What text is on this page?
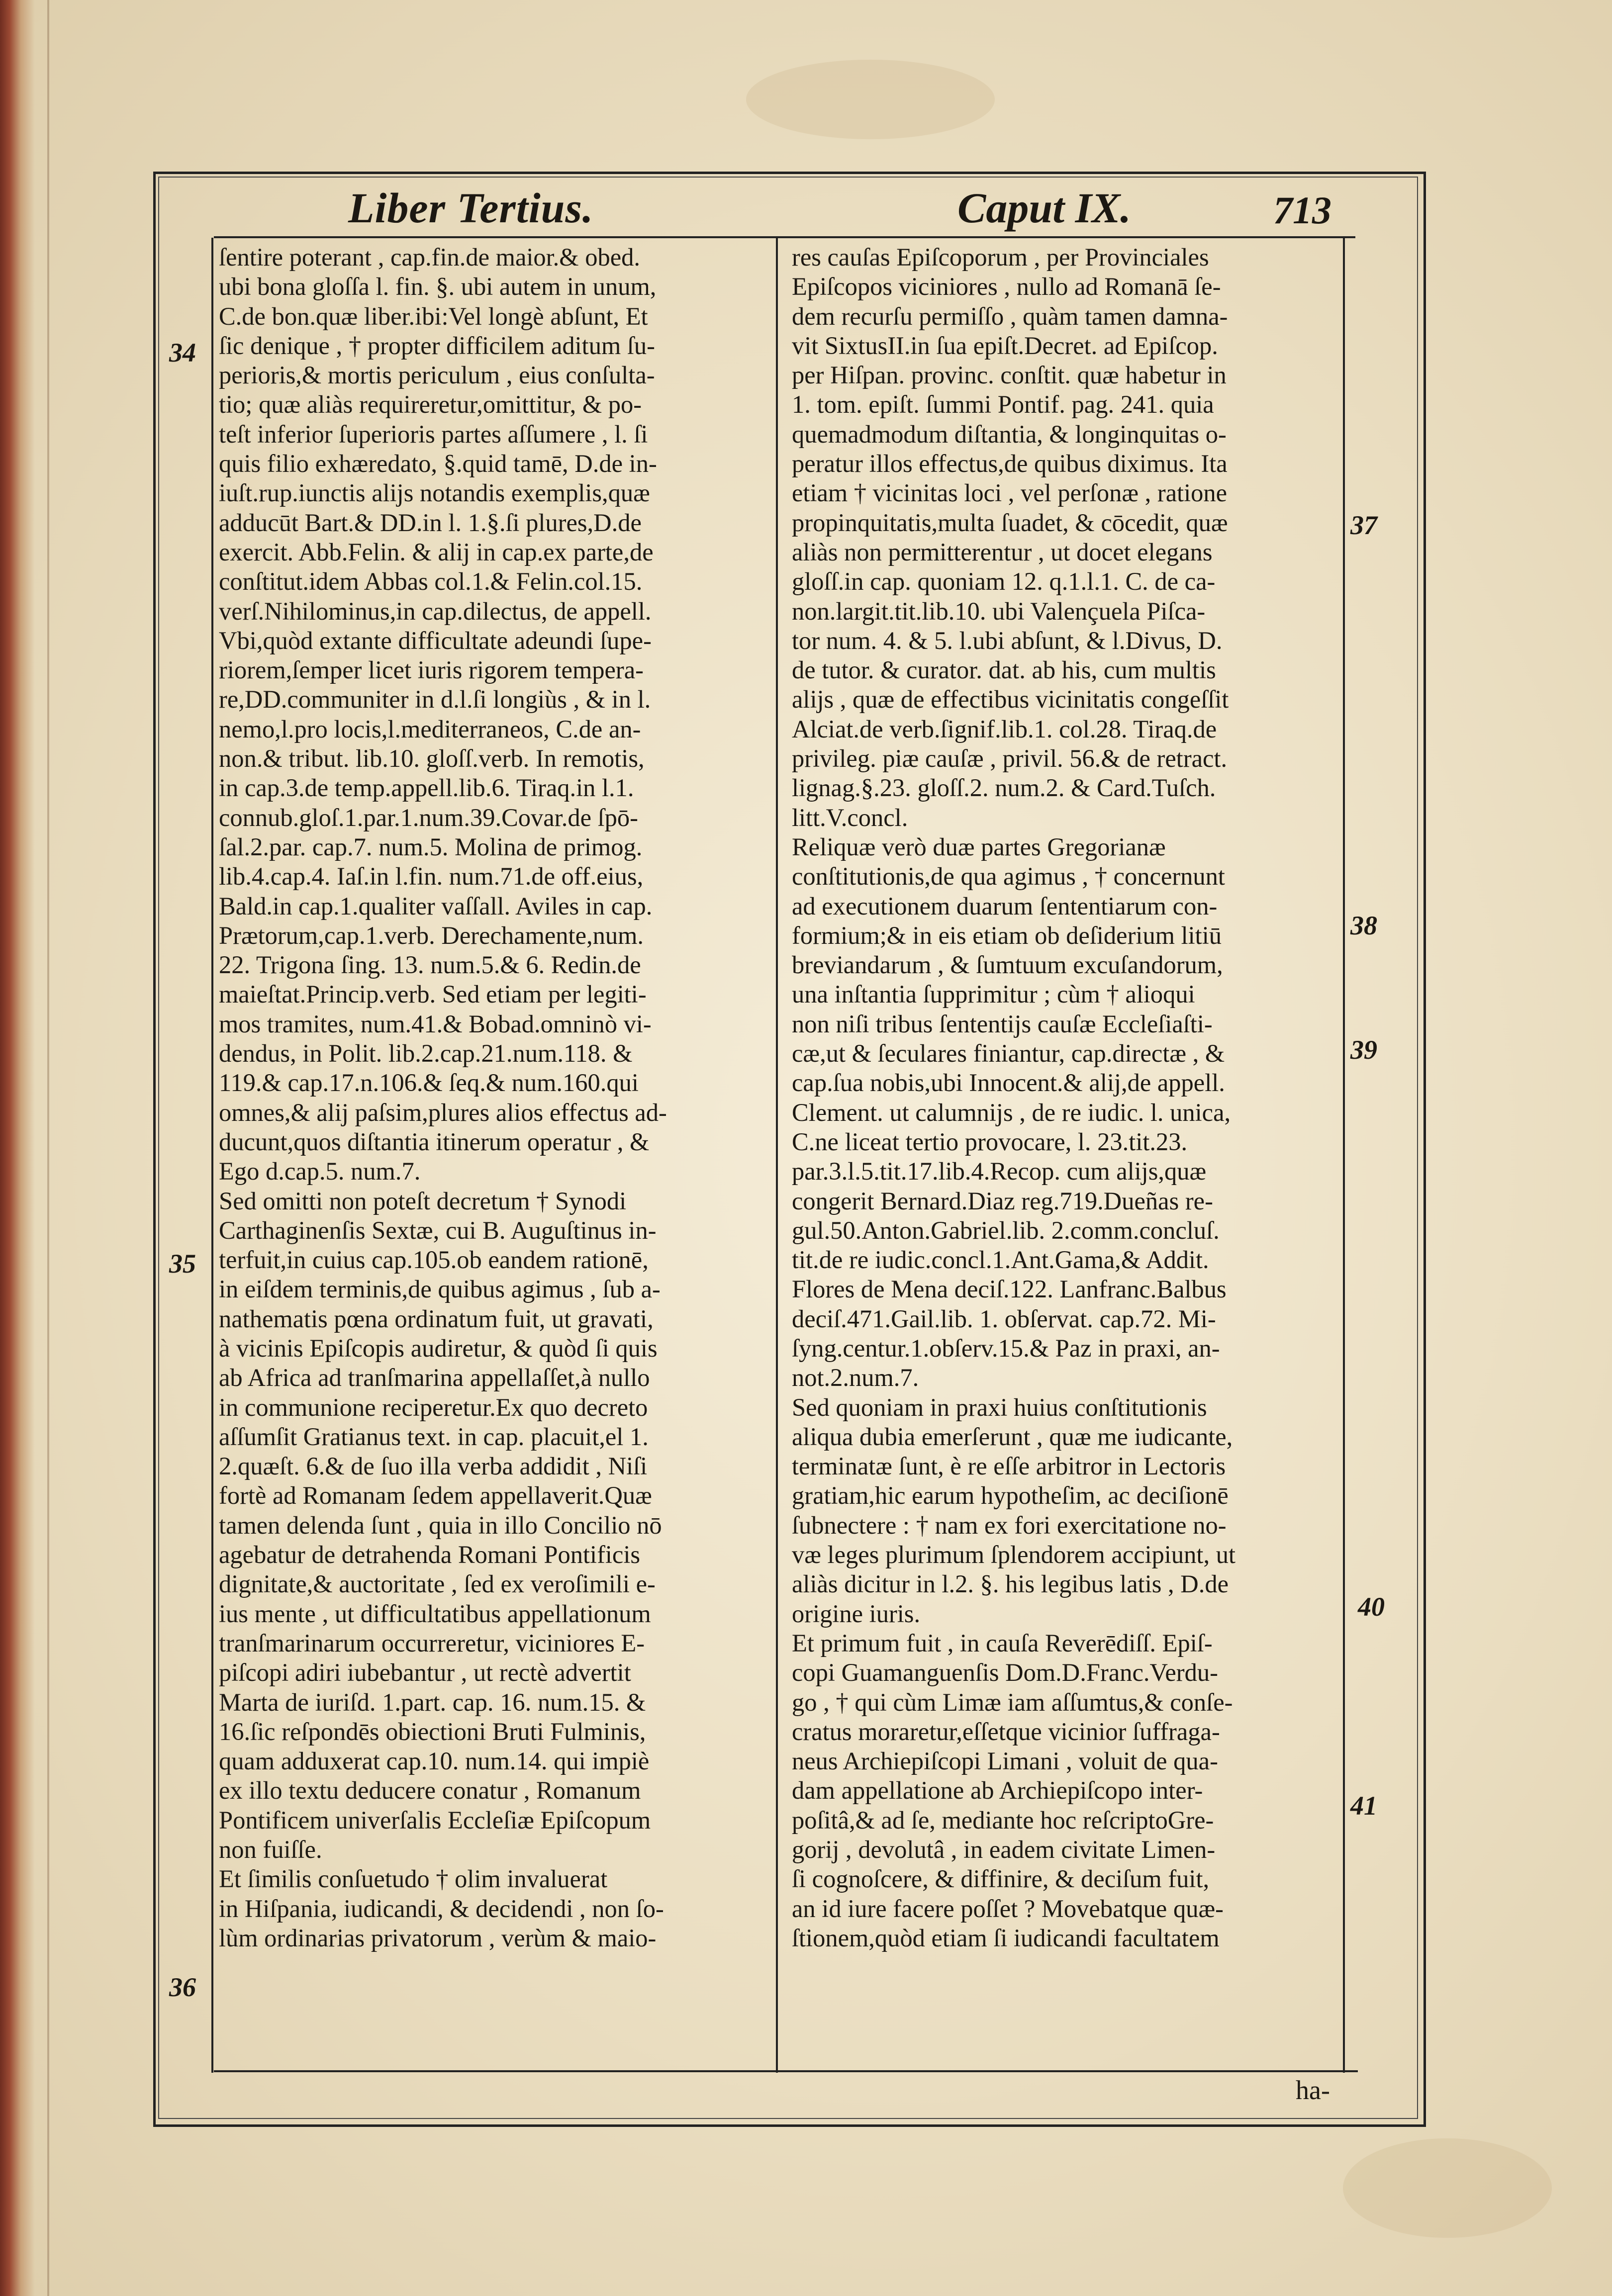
Liber Tertius.	Caput IX.	713
ſentire poterant , cap.fin.de maior.& obed.
ubi bona gloſſa l. fin. §. ubi autem in unum,
C.de bon.quæ liber.ibi:Vel longè abſunt, Et
ſic denique , † propter difficilem aditum ſu-
perioris,& mortis periculum , eius conſulta-
tio; quæ aliàs requireretur,omittitur, & po-
teſt inferior ſuperioris partes aſſumere , l. ſi
quis filio exhæredato, §.quid tamē, D.de in-
iuſt.rup.iunctis alijs notandis exemplis,quæ
adducūt Bart.& DD.in l. 1.§.ſi plures,D.de
exercit. Abb.Felin. & alij in cap.ex parte,de
conſtitut.idem Abbas col.1.& Felin.col.15.
verſ.Nihilominus,in cap.dilectus, de appell.
Vbi,quòd extante difficultate adeundi ſupe-
riorem,ſemper licet iuris rigorem tempera-
re,DD.communiter in d.l.ſi longiùs , & in l.
nemo,l.pro locis,l.mediterraneos, C.de an-
non.& tribut. lib.10. gloſſ.verb. In remotis,
in cap.3.de temp.appell.lib.6. Tiraq.in l.1.
connub.gloſ.1.par.1.num.39.Covar.de ſpō-
ſal.2.par. cap.7. num.5. Molina de primog.
lib.4.cap.4. Iaſ.in l.fin. num.71.de off.eius,
Bald.in cap.1.qualiter vaſſall. Aviles in cap.
Prætorum,cap.1.verb. Derechamente,num.
22. Trigona ſing. 13. num.5.& 6. Redin.de
maieſtat.Princip.verb. Sed etiam per legiti-
mos tramites, num.41.& Bobad.omninò vi-
dendus, in Polit. lib.2.cap.21.num.118. &
119.& cap.17.n.106.& ſeq.& num.160.qui
omnes,& alij paſsim,plures alios effectus ad-
ducunt,quos diſtantia itinerum operatur , &
Ego d.cap.5. num.7.
Sed omitti non poteſt decretum † Synodi
Carthaginenſis Sextæ, cui B. Auguſtinus in-
terfuit,in cuius cap.105.ob eandem rationē,
in eiſdem terminis,de quibus agimus , ſub a-
nathematis pœna ordinatum fuit, ut gravati,
à vicinis Epiſcopis audiretur, & quòd ſi quis
ab Africa ad tranſmarina appellaſſet,à nullo
in communione reciperetur.Ex quo decreto
aſſumſit Gratianus text. in cap. placuit,el 1.
2.quæſt. 6.& de ſuo illa verba addidit , Niſi
fortè ad Romanam ſedem appellaverit.Quæ
tamen delenda ſunt , quia in illo Concilio nō
agebatur de detrahenda Romani Pontificis
dignitate,& auctoritate , ſed ex veroſimili e-
ius mente , ut difficultatibus appellationum
tranſmarinarum occurreretur, viciniores E-
piſcopi adiri iubebantur , ut rectè advertit
Marta de iuriſd. 1.part. cap. 16. num.15. &
16.ſic reſpondēs obiectioni Bruti Fulminis,
quam adduxerat cap.10. num.14. qui impiè
ex illo textu deducere conatur , Romanum
Pontificem univerſalis Eccleſiæ Epiſcopum
non fuiſſe.
Et ſimilis conſuetudo † olim invaluerat
in Hiſpania, iudicandi, & decidendi , non ſo-
lùm ordinarias privatorum , verùm & maio-
res cauſas Epiſcoporum , per Provinciales
Epiſcopos viciniores , nullo ad Romanā ſe-
dem recurſu permiſſo , quàm tamen damna-
vit SixtusII.in ſua epiſt.Decret. ad Epiſcop.
per Hiſpan. provinc. conſtit. quæ habetur in
1. tom. epiſt. ſummi Pontif. pag. 241. quia
quemadmodum diſtantia, & longinquitas o-
peratur illos effectus,de quibus diximus. Ita
etiam † vicinitas loci , vel perſonæ , ratione
propinquitatis,multa ſuadet, & cōcedit, quæ
aliàs non permitterentur , ut docet elegans
gloſſ.in cap. quoniam 12. q.1.l.1. C. de ca-
non.largit.tit.lib.10. ubi Valençuela Piſca-
tor num. 4. & 5. l.ubi abſunt, & l.Divus, D.
de tutor. & curator. dat. ab his, cum multis
alijs , quæ de effectibus vicinitatis congeſſit
Alciat.de verb.ſignif.lib.1. col.28. Tiraq.de
privileg. piæ cauſæ , privil. 56.& de retract.
lignag.§.23. gloſſ.2. num.2. & Card.Tuſch.
litt.V.concl.
Reliquæ verò duæ partes Gregorianæ
conſtitutionis,de qua agimus , † concernunt
ad executionem duarum ſententiarum con-
formium;& in eis etiam ob deſiderium litiū
breviandarum , & ſumtuum excuſandorum,
una inſtantia ſupprimitur ; cùm † alioqui
non niſi tribus ſententijs cauſæ Eccleſiaſti-
cæ,ut & ſeculares finiantur, cap.directæ , &
cap.ſua nobis,ubi Innocent.& alij,de appell.
Clement. ut calumnijs , de re iudic. l. unica,
C.ne liceat tertio provocare, l. 23.tit.23.
par.3.l.5.tit.17.lib.4.Recop. cum alijs,quæ
congerit Bernard.Diaz reg.719.Dueñas re-
gul.50.Anton.Gabriel.lib. 2.comm.concluſ.
tit.de re iudic.concl.1.Ant.Gama,& Addit.
Flores de Mena deciſ.122. Lanfranc.Balbus
deciſ.471.Gail.lib. 1. obſervat. cap.72. Mi-
ſyng.centur.1.obſerv.15.& Paz in praxi, an-
not.2.num.7.
Sed quoniam in praxi huius conſtitutionis
aliqua dubia emerſerunt , quæ me iudicante,
terminatæ ſunt, è re eſſe arbitror in Lectoris
gratiam,hic earum hypotheſim, ac deciſionē
ſubnectere : † nam ex fori exercitatione no-
væ leges plurimum ſplendorem accipiunt, ut
aliàs dicitur in l.2. §. his legibus latis , D.de
origine iuris.
Et primum fuit , in cauſa Reverēdiſſ. Epiſ-
copi Guamanguenſis Dom.D.Franc.Verdu-
go , † qui cùm Limæ iam aſſumtus,& conſe-
cratus moraretur,eſſetque vicinior ſuffraga-
neus Archiepiſcopi Limani , voluit de qua-
dam appellatione ab Archiepiſcopo inter-
poſitâ,& ad ſe, mediante hoc reſcriptoGre-
gorij , devolutâ , in eadem civitate Limen-
ſi cognoſcere, & diffinire, & deciſum fuit,
an id iure facere poſſet ? Movebatque quæ-
ſtionem,quòd etiam ſi iudicandi facultatem
34
35
36
37
38
39
40
41
ha-
